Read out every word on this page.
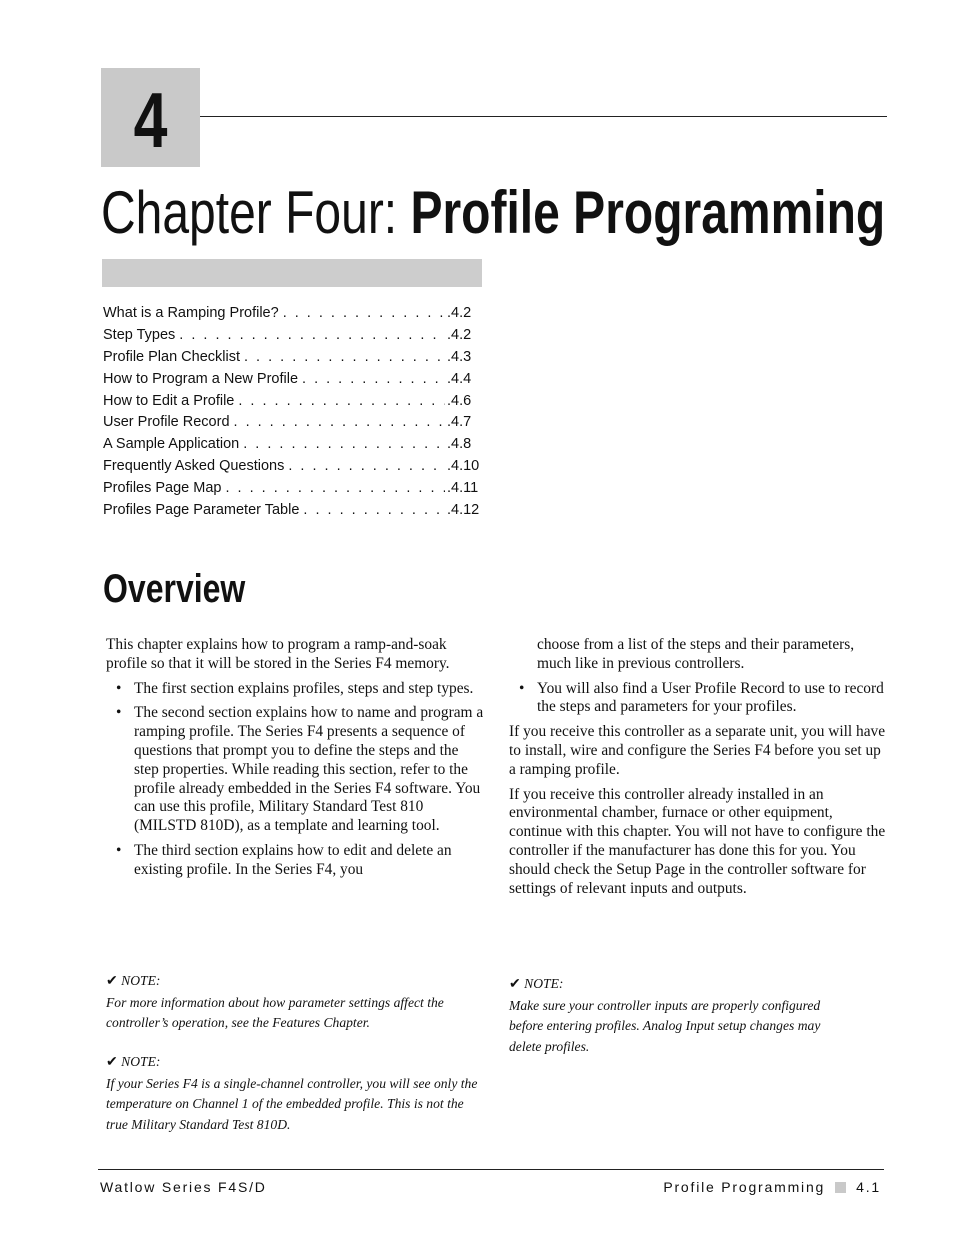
4
Chapter Four: Profile Programming
What is a Ramping Profile? . . .	.4.2
Step Types . . .	.4.2
Profile Plan Checklist . . .	.4.3
How to Program a New Profile . . .	.4.4
How to Edit a Profile . . .	.4.6
User Profile Record . . .	.4.7
A Sample Application . . .	.4.8
Frequently Asked Questions . . .	.4.10
Profiles Page Map . . .	.4.11
Profiles Page Parameter Table . . .	.4.12
Overview

This chapter explains how to program a ramp-and-soak profile so that it will be stored in the Series F4 memory.

• The first section explains profiles, steps and step types.
• The second section explains how to name and program a ramping profile. The Series F4 presents a sequence of questions that prompt you to define the steps and the step properties. While reading this section, refer to the profile already embedded in the Series F4 software. You can use this profile, Military Standard Test 810 (MILSTD 810D), as a template and learning tool.
• The third section explains how to edit and delete an existing profile. In the Series F4, you
choose from a list of the steps and their parameters, much like in previous controllers.
• You will also find a User Profile Record to use to record the steps and parameters for your profiles.

If you receive this controller as a separate unit, you will have to install, wire and configure the Series F4 before you set up a ramping profile.

If you receive this controller already installed in an environmental chamber, furnace or other equipment, continue with this chapter. You will not have to configure the controller if the manufacturer has done this for you. You should check the Setup Page in the controller software for settings of relevant inputs and outputs.

✔ NOTE:
For more information about how parameter settings affect the controller’s operation, see the Features Chapter.
✔ NOTE:
If your Series F4 is a single-channel controller, you will see only the temperature on Channel 1 of the embedded profile. This is not the true Military Standard Test 810D.
✔ NOTE:
Make sure your controller inputs are properly configured before entering profiles. Analog Input setup changes may delete profiles.
Watlow Series F4S/D	Profile Programming 4.1
